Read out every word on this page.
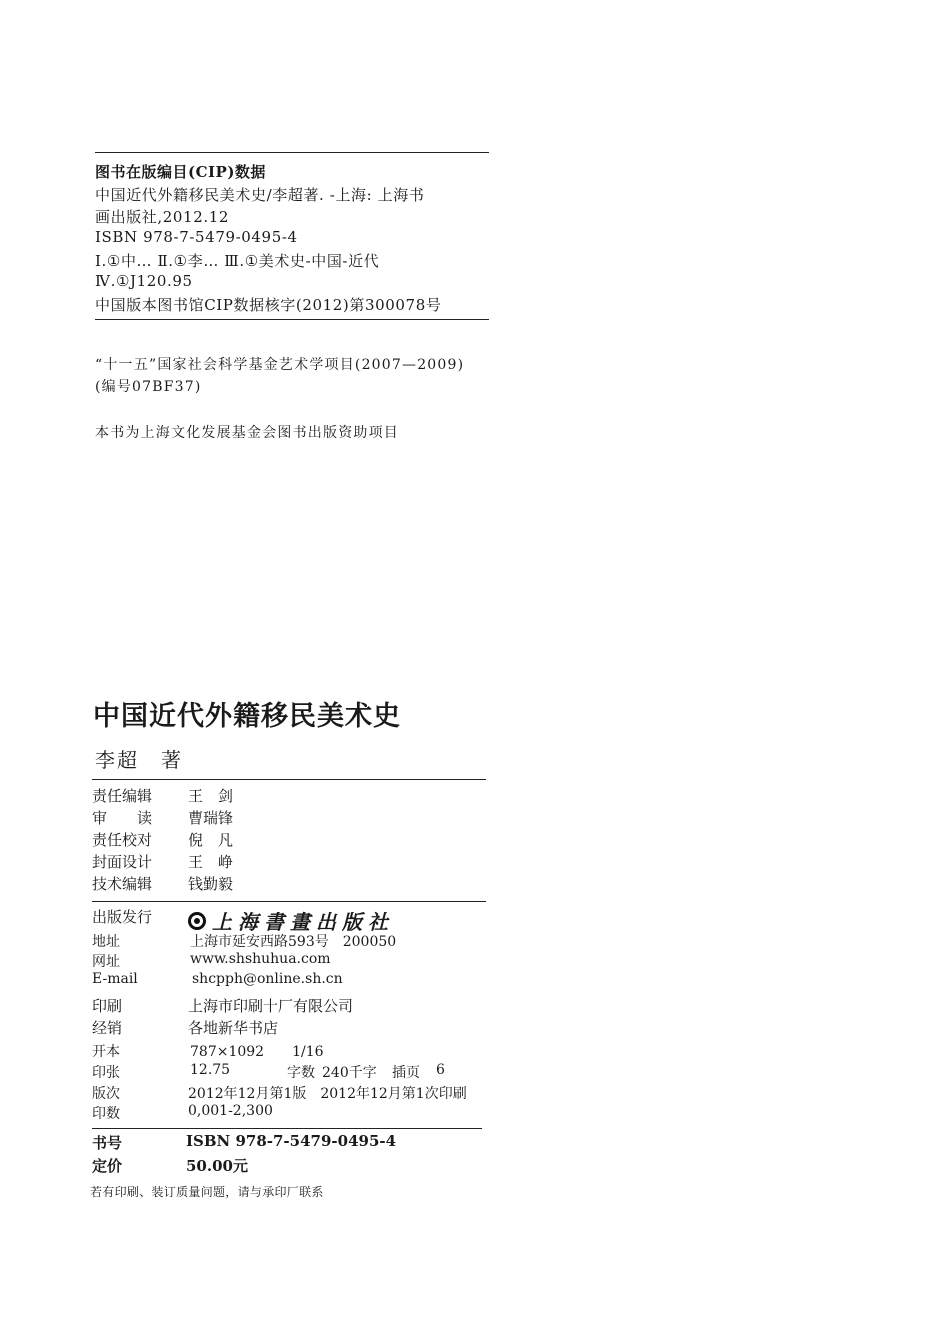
图书在版编目(CIP)数据
中国近代外籍移民美术史/李超著. -上海: 上海书
画出版社,2012.12
ISBN 978-7-5479-0495-4
Ⅰ.①中… Ⅱ.①李… Ⅲ.①美术史-中国-近代
Ⅳ.①J120.95
中国版本图书馆CIP数据核字(2012)第300078号
“十一五”国家社会科学基金艺术学项目(2007—2009)
(编号07BF37)
本书为上海文化发展基金会图书出版资助项目
中国近代外籍移民美术史
李超　著
责任编辑 王　剑
审　　读 曹瑞锋
责任校对 倪　凡
封面设计 王　峥
技术编辑 钱勤毅
出版发行	上海書畫出版社
地址	上海市延安西路593号　200050
网址	www.shshuhua.com
E-mail	shcpph@online.sh.cn
印刷	上海市印刷十厂有限公司
经销	各地新华书店
开本	787×1092　　1/16
印张	12.75	字数 240千字 插页 6
版次	2012年12月第1版　2012年12月第1次印刷
印数	0,001-2,300
书号	ISBN 978-7-5479-0495-4
定价	50.00元
若有印刷、装订质量问题，请与承印厂联系
